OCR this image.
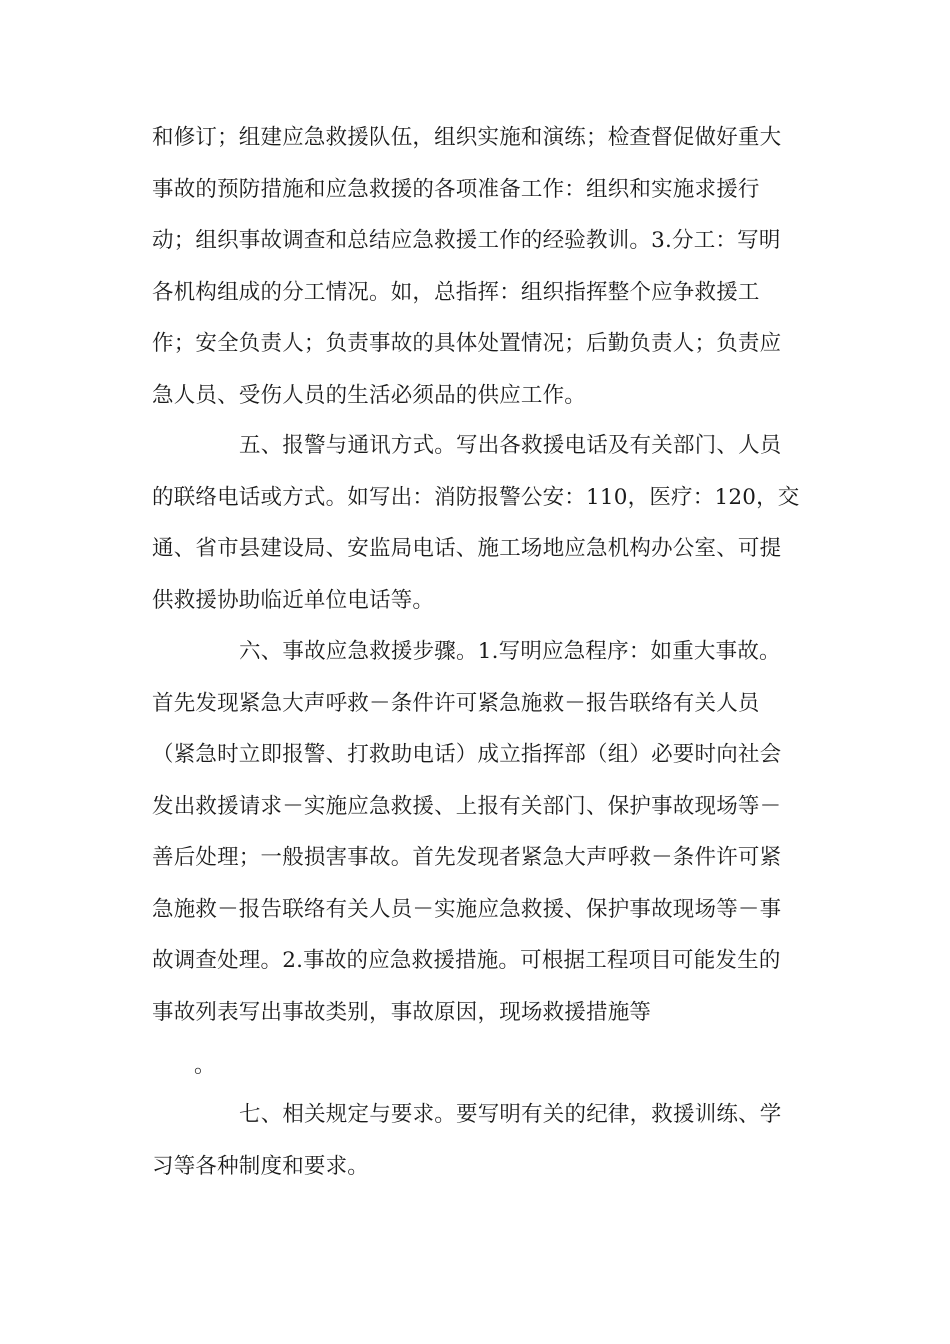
和修订；组建应急救援队伍，组织实施和演练；检查督促做好重大
事故的预防措施和应急救援的各项准备工作：组织和实施求援行
动；组织事故调查和总结应急救援工作的经验教训。3.分工：写明
各机构组成的分工情况。如，总指挥：组织指挥整个应争救援工
作；安全负责人；负责事故的具体处置情况；后勤负责人；负责应
急人员、受伤人员的生活必须品的供应工作。
五、报警与通讯方式。写出各救援电话及有关部门、人员
的联络电话或方式。如写出：消防报警公安：110，医疗：120，交
通、省市县建设局、安监局电话、施工场地应急机构办公室、可提
供救援协助临近单位电话等。
六、事故应急救援步骤。1.写明应急程序：如重大事故。
首先发现紧急大声呼救－条件许可紧急施救－报告联络有关人员
（紧急时立即报警、打救助电话）成立指挥部（组）必要时向社会
发出救援请求－实施应急救援、上报有关部门、保护事故现场等－
善后处理；一般损害事故。首先发现者紧急大声呼救－条件许可紧
急施救－报告联络有关人员－实施应急救援、保护事故现场等－事
故调查处理。2.事故的应急救援措施。可根据工程项目可能发生的
事故列表写出事故类别，事故原因，现场救援措施等
。
七、相关规定与要求。要写明有关的纪律，救援训练、学
习等各种制度和要求。
